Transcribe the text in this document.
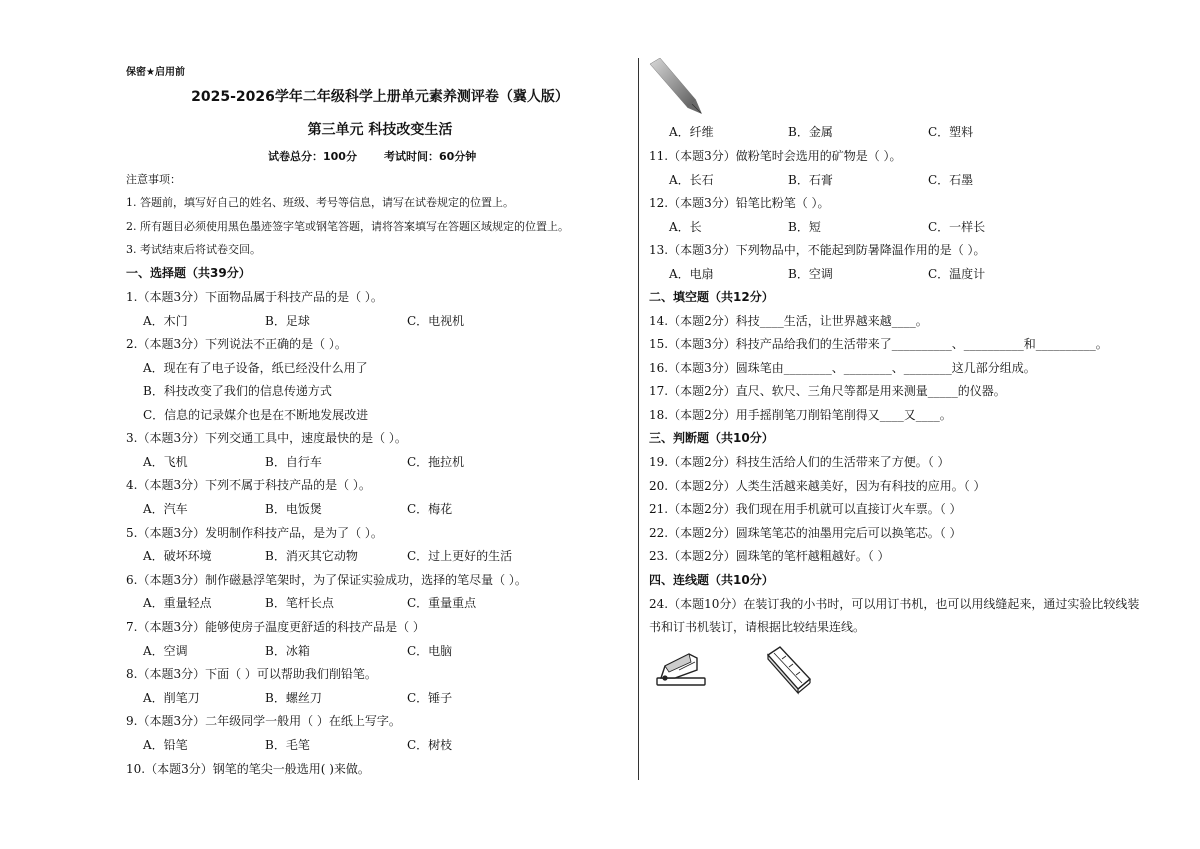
保密★启用前
2025-2026学年二年级科学上册单元素养测评卷（冀人版）
第三单元 科技改变生活
试卷总分：100分 考试时间：60分钟
注意事项：
1. 答题前，填写好自己的姓名、班级、考号等信息，请写在试卷规定的位置上。
2. 所有题目必须使用黑色墨迹签字笔或钢笔答题，请将答案填写在答题区域规定的位置上。
3. 考试结束后将试卷交回。
一、选择题（共39分）
1.（本题3分）下面物品属于科技产品的是（ ）。
A．木门	B．足球	C．电视机
2.（本题3分）下列说法不正确的是（ ）。
A．现在有了电子设备，纸已经没什么用了
B．科技改变了我们的信息传递方式
C．信息的记录媒介也是在不断地发展改进
3.（本题3分）下列交通工具中，速度最快的是（ ）。
A．飞机	B．自行车	C．拖拉机
4.（本题3分）下列不属于科技产品的是（ ）。
A．汽车	B．电饭煲	C．梅花
5.（本题3分）发明制作科技产品，是为了（ ）。
A．破坏环境	B．消灭其它动物	C．过上更好的生活
6.（本题3分）制作磁悬浮笔架时，为了保证实验成功，选择的笔尽量（ ）。
A．重量轻点	B．笔杆长点	C．重量重点
7.（本题3分）能够使房子温度更舒适的科技产品是（ ）
A．空调	B．冰箱	C．电脑
8.（本题3分）下面（ ）可以帮助我们削铅笔。
A．削笔刀	B．螺丝刀	C．锤子
9.（本题3分）二年级同学一般用（ ）在纸上写字。
A．铅笔	B．毛笔	C．树枝
10.（本题3分）钢笔的笔尖一般选用( )来做。
A．纤维	B．金属	C．塑料
11.（本题3分）做粉笔时会选用的矿物是（ ）。
A．长石	B．石膏	C．石墨
12.（本题3分）铅笔比粉笔（ ）。
A．长	B．短	C．一样长
13.（本题3分）下列物品中，不能起到防暑降温作用的是（ ）。
A．电扇	B．空调	C．温度计
二、填空题（共12分）
14.（本题2分）科技____生活，让世界越来越____。
15.（本题3分）科技产品给我们的生活带来了__________、__________和__________。
16.（本题3分）圆珠笔由________、________、________这几部分组成。
17.（本题2分）直尺、软尺、三角尺等都是用来测量_____的仪器。
18.（本题2分）用手摇削笔刀削铅笔削得又____又____。
三、判断题（共10分）
19.（本题2分）科技生活给人们的生活带来了方便。（ ）
20.（本题2分）人类生活越来越美好，因为有科技的应用。（ ）
21.（本题2分）我们现在用手机就可以直接订火车票。（ ）
22.（本题2分）圆珠笔笔芯的油墨用完后可以换笔芯。（ ）
23.（本题2分）圆珠笔的笔杆越粗越好。（ ）
四、连线题（共10分）
24.（本题10分）在装订我的小书时，可以用订书机，也可以用线缝起来，通过实验比较线装
书和订书机装订，请根据比较结果连线。
